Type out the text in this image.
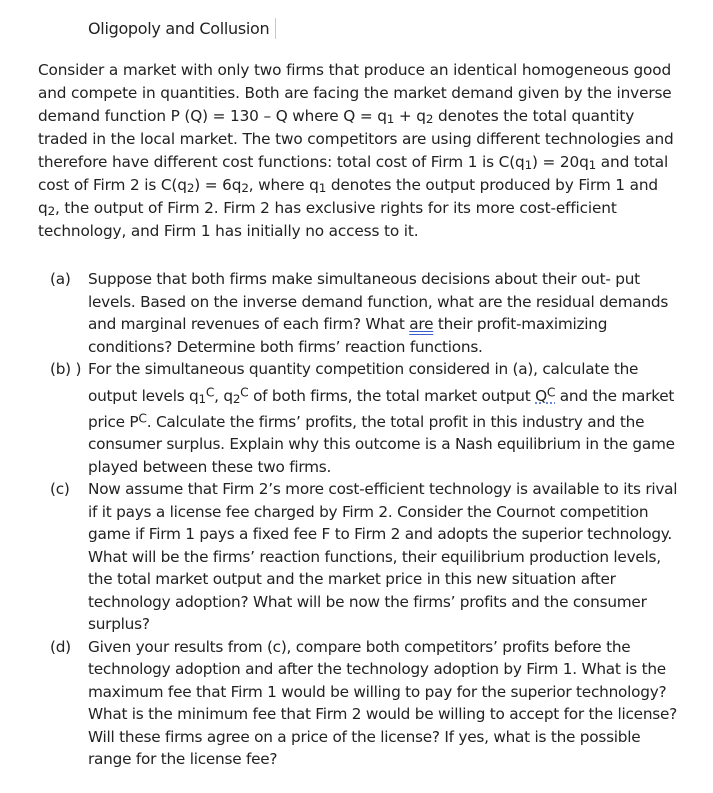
Oligopoly and Collusion

Consider a market with only two firms that produce an identical homogeneous good and compete in quantities. Both are facing the market demand given by the inverse demand function P (Q) = 130 – Q where $Q = q_1 + q_2$ denotes the total quantity traded in the local market. The two competitors are using different technologies and therefore have different cost functions: total cost of Firm 1 is $C(q_1) = 20q_1$ and total cost of Firm 2 is $C(q_2) = 6q_2$, where $q_1$ denotes the output produced by Firm 1 and $q_2$, the output of Firm 2. Firm 2 has exclusive rights for its more cost-efficient technology, and Firm 1 has initially no access to it.

(a)	Suppose that both firms make simultaneous decisions about their out- put levels. Based on the inverse demand function, what are the residual demands and marginal revenues of each firm? What are their profit-maximizing conditions? Determine both firms’ reaction functions.
(b) ) For the simultaneous quantity competition considered in (a), calculate the output levels $q_1^C$, $q_2^C$ of both firms, the total market output $Q^C$ and the market price $P^C$. Calculate the firms’ profits, the total profit in this industry and the consumer surplus. Explain why this outcome is a Nash equilibrium in the game played between these two firms.
(c)	Now assume that Firm 2’s more cost-efficient technology is available to its rival if it pays a license fee charged by Firm 2. Consider the Cournot competition game if Firm 1 pays a fixed fee F to Firm 2 and adopts the superior technology. What will be the firms’ reaction functions, their equilibrium production levels, the total market output and the market price in this new situation after technology adoption? What will be now the firms’ profits and the consumer surplus?
(d)	Given your results from (c), compare both competitors’ profits before the technology adoption and after the technology adoption by Firm 1. What is the maximum fee that Firm 1 would be willing to pay for the superior technology? What is the minimum fee that Firm 2 would be willing to accept for the license? Will these firms agree on a price of the license? If yes, what is the possible range for the license fee?
